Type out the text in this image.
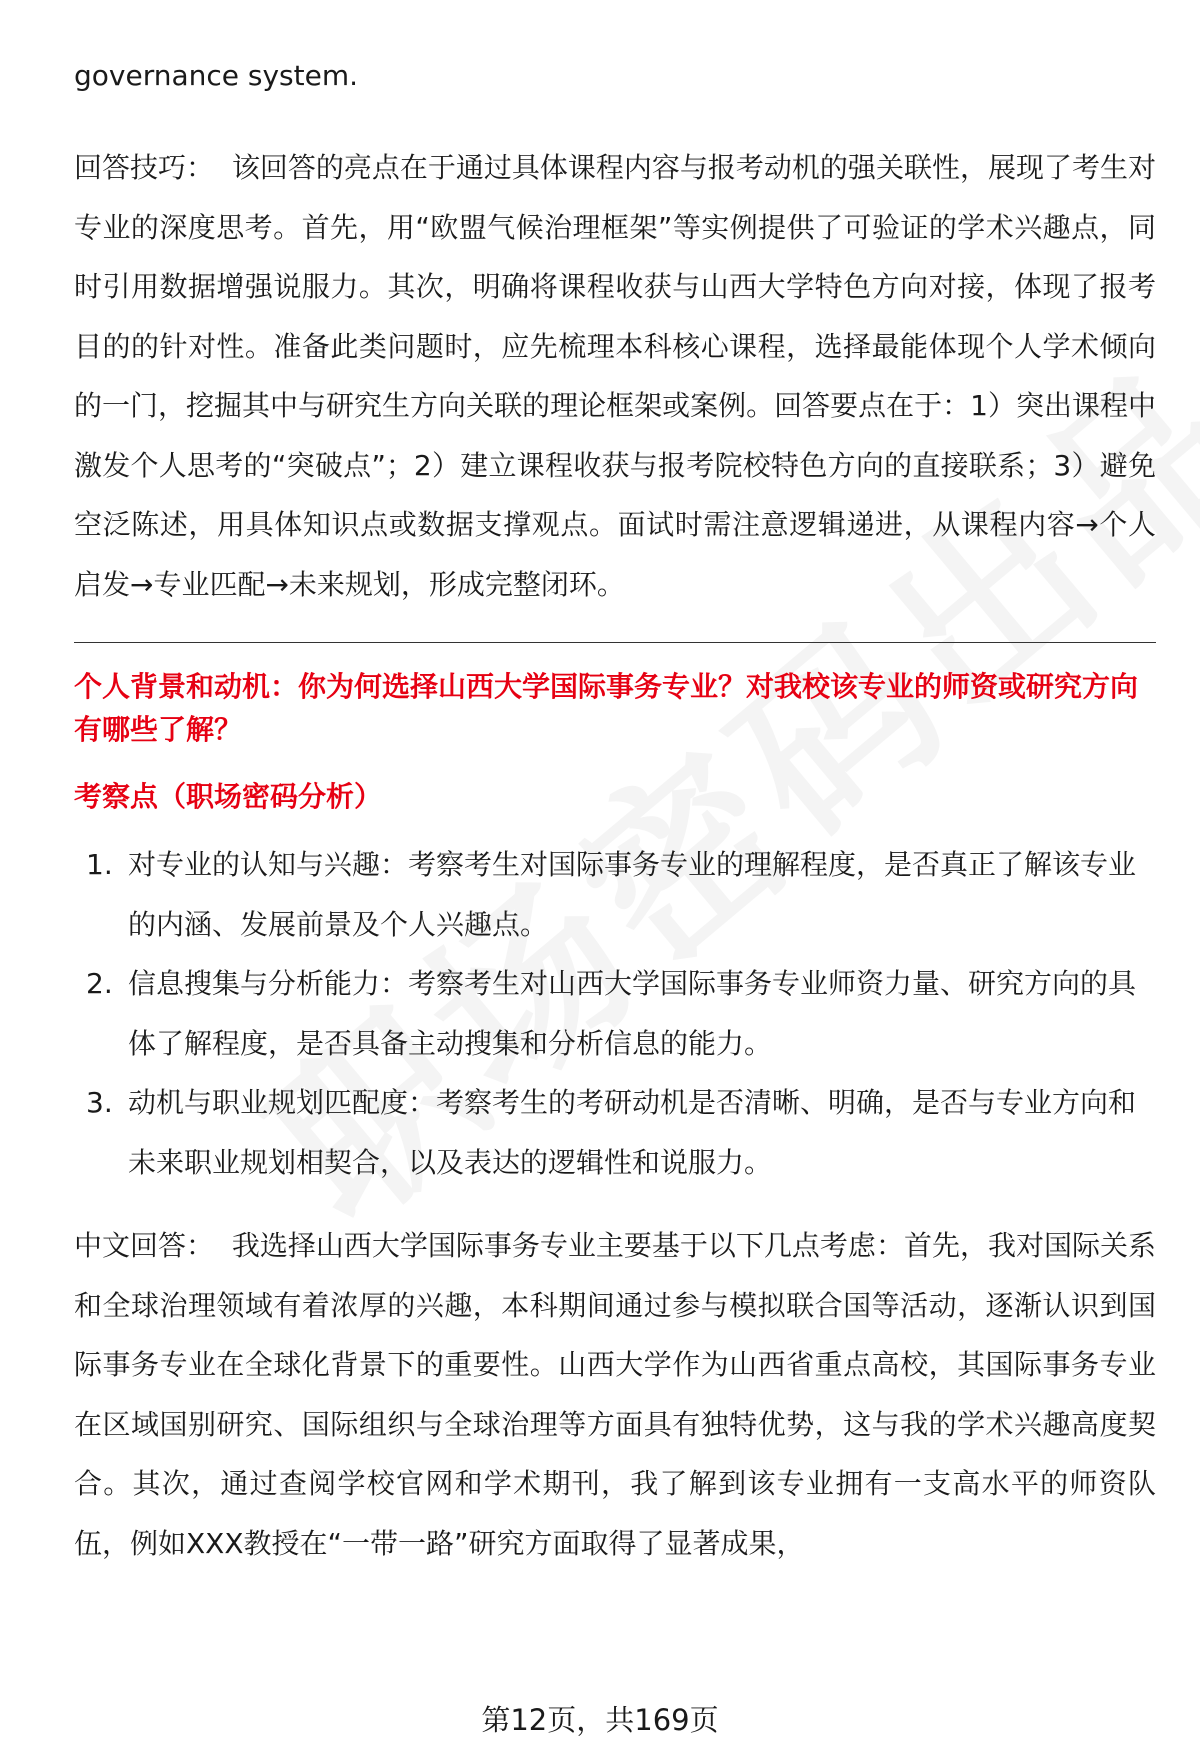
governance system.

回答技巧： 该回答的亮点在于通过具体课程内容与报考动机的强关联性，展现了考生对专业的深度思考。首先，用“欧盟气候治理框架”等实例提供了可验证的学术兴趣点，同时引用数据增强说服力。其次，明确将课程收获与山西大学特色方向对接，体现了报考目的的针对性。准备此类问题时，应先梳理本科核心课程，选择最能体现个人学术倾向的一门，挖掘其中与研究生方向关联的理论框架或案例。回答要点在于：1）突出课程中激发个人思考的“突破点”；2）建立课程收获与报考院校特色方向的直接联系；3）避免空泛陈述，用具体知识点或数据支撑观点。面试时需注意逻辑递进，从课程内容→个人启发→专业匹配→未来规划，形成完整闭环。

个人背景和动机：你为何选择山西大学国际事务专业？对我校该专业的师资或研究方向有哪些了解？
考察点（职场密码分析）
1. 对专业的认知与兴趣：考察考生对国际事务专业的理解程度，是否真正了解该专业的内涵、发展前景及个人兴趣点。
2. 信息搜集与分析能力：考察考生对山西大学国际事务专业师资力量、研究方向的具体了解程度，是否具备主动搜集和分析信息的能力。
3. 动机与职业规划匹配度：考察考生的考研动机是否清晰、明确，是否与专业方向和未来职业规划相契合，以及表达的逻辑性和说服力。

中文回答： 我选择山西大学国际事务专业主要基于以下几点考虑：首先，我对国际关系和全球治理领域有着浓厚的兴趣，本科期间通过参与模拟联合国等活动，逐渐认识到国际事务专业在全球化背景下的重要性。山西大学作为山西省重点高校，其国际事务专业在区域国别研究、国际组织与全球治理等方面具有独特优势，这与我的学术兴趣高度契合。其次，通过查阅学校官网和学术期刊，我了解到该专业拥有一支高水平的师资队伍，例如XXX教授在“一带一路”研究方面取得了显著成果，

第12页，共169页
